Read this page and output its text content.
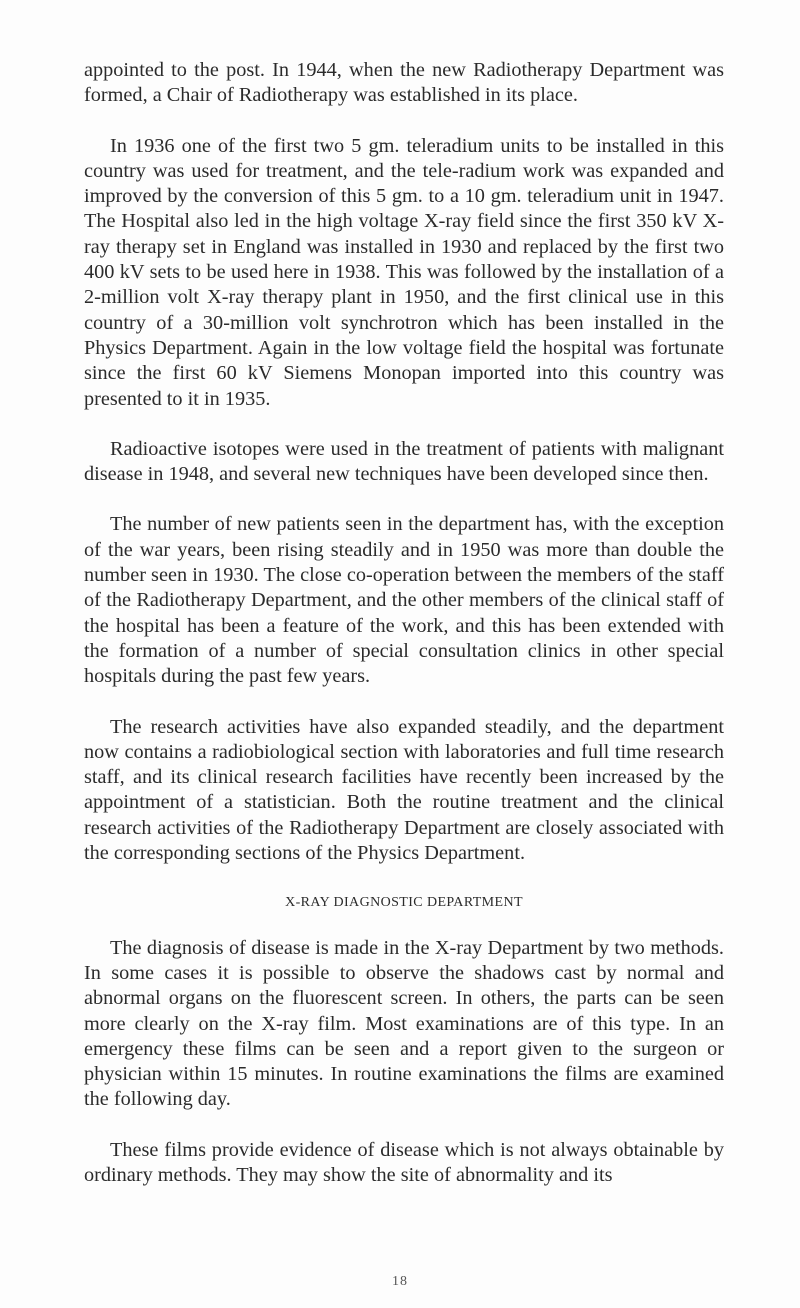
appointed to the post. In 1944, when the new Radiotherapy Department was formed, a Chair of Radiotherapy was established in its place.

In 1936 one of the first two 5 gm. teleradium units to be installed in this country was used for treatment, and the tele-radium work was expanded and improved by the conversion of this 5 gm. to a 10 gm. teleradium unit in 1947. The Hospital also led in the high voltage X-ray field since the first 350 kV X-ray therapy set in England was installed in 1930 and replaced by the first two 400 kV sets to be used here in 1938. This was followed by the installation of a 2-million volt X-ray therapy plant in 1950, and the first clinical use in this country of a 30-million volt synchrotron which has been installed in the Physics Department. Again in the low voltage field the hospital was fortunate since the first 60 kV Siemens Monopan imported into this country was presented to it in 1935.

Radioactive isotopes were used in the treatment of patients with malignant disease in 1948, and several new techniques have been developed since then.

The number of new patients seen in the department has, with the exception of the war years, been rising steadily and in 1950 was more than double the number seen in 1930. The close co-operation between the members of the staff of the Radiotherapy Department, and the other members of the clinical staff of the hospital has been a feature of the work, and this has been extended with the formation of a number of special consultation clinics in other special hospitals during the past few years.

The research activities have also expanded steadily, and the department now contains a radiobiological section with laboratories and full time research staff, and its clinical research facilities have recently been increased by the appointment of a statistician. Both the routine treatment and the clinical research activities of the Radiotherapy Department are closely associated with the corresponding sections of the Physics Department.

X-RAY DIAGNOSTIC DEPARTMENT

The diagnosis of disease is made in the X-ray Department by two methods. In some cases it is possible to observe the shadows cast by normal and abnormal organs on the fluorescent screen. In others, the parts can be seen more clearly on the X-ray film. Most examinations are of this type. In an emergency these films can be seen and a report given to the surgeon or physician within 15 minutes. In routine examinations the films are examined the following day.

These films provide evidence of disease which is not always obtainable by ordinary methods. They may show the site of abnormality and its

18
